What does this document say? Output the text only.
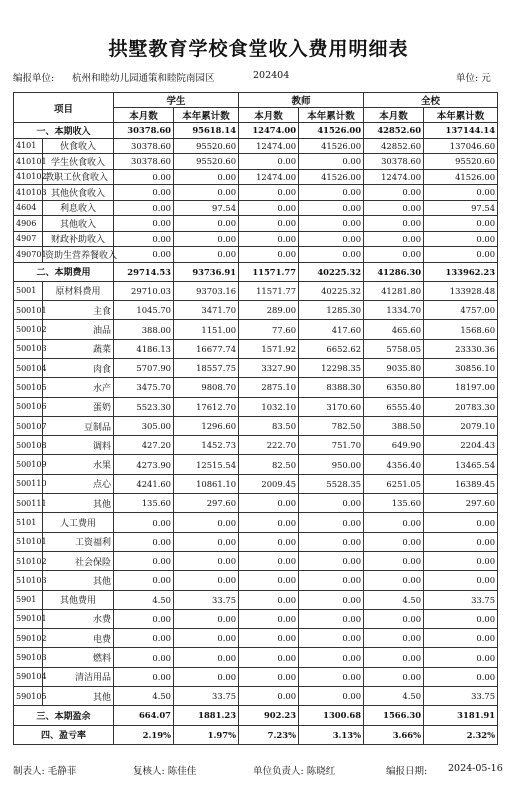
拱墅教育学校食堂收入费用明细表
编报单位: 杭州和睦幼儿园通策和睦院南园区	202404	单位: 元
项目		学生		教师		全校	
		本月数	本年累计数	本月数	本年累计数	本月数	本年累计数
一、本期收入		30378.60	95618.14	12474.00	41526.00	42852.60	137144.14
4101	伙食收入	30378.60	95520.60	12474.00	41526.00	42852.60	137046.60
410101	学生伙食收入	30378.60	95520.60	0.00	0.00	30378.60	95520.60
410102	教职工伙食收入	0.00	0.00	12474.00	41526.00	12474.00	41526.00
410103	其他伙食收入	0.00	0.00	0.00	0.00	0.00	0.00
4604	利息收入	0.00	97.54	0.00	0.00	0.00	97.54
4906	其他收入	0.00	0.00	0.00	0.00	0.00	0.00
4907	财政补助收入	0.00	0.00	0.00	0.00	0.00	0.00
490701	资助生营养餐收入	0.00	0.00	0.00	0.00	0.00	0.00
二、本期费用		29714.53	93736.91	11571.77	40225.32	41286.30	133962.23
5001	原材料费用	29710.03	93703.16	11571.77	40225.32	41281.80	133928.48
500101	主食	1045.70	3471.70	289.00	1285.30	1334.70	4757.00
500102	油品	388.00	1151.00	77.60	417.60	465.60	1568.60
500103	蔬菜	4186.13	16677.74	1571.92	6652.62	5758.05	23330.36
500104	肉食	5707.90	18557.75	3327.90	12298.35	9035.80	30856.10
500105	水产	3475.70	9808.70	2875.10	8388.30	6350.80	18197.00
500106	蛋奶	5523.30	17612.70	1032.10	3170.60	6555.40	20783.30
500107	豆制品	305.00	1296.60	83.50	782.50	388.50	2079.10
500108	调料	427.20	1452.73	222.70	751.70	649.90	2204.43
500109	水果	4273.90	12515.54	82.50	950.00	4356.40	13465.54
500110	点心	4241.60	10861.10	2009.45	5528.35	6251.05	16389.45
500111	其他	135.60	297.60	0.00	0.00	135.60	297.60
5101	人工费用	0.00	0.00	0.00	0.00	0.00	0.00
510101	工资福利	0.00	0.00	0.00	0.00	0.00	0.00
510102	社会保险	0.00	0.00	0.00	0.00	0.00	0.00
510103	其他	0.00	0.00	0.00	0.00	0.00	0.00
5901	其他费用	4.50	33.75	0.00	0.00	4.50	33.75
590101	水费	0.00	0.00	0.00	0.00	0.00	0.00
590102	电费	0.00	0.00	0.00	0.00	0.00	0.00
590103	燃料	0.00	0.00	0.00	0.00	0.00	0.00
590104	清洁用品	0.00	0.00	0.00	0.00	0.00	0.00
590105	其他	4.50	33.75	0.00	0.00	4.50	33.75
三、本期盈余		664.07	1881.23	902.23	1300.68	1566.30	3181.91
四、盈亏率		2.19%	1.97%	7.23%	3.13%	3.66%	2.32%
制表人: 毛静菲	复核人: 陈佳佳	单位负责人: 陈晓红	编报日期: 2024-05-16
